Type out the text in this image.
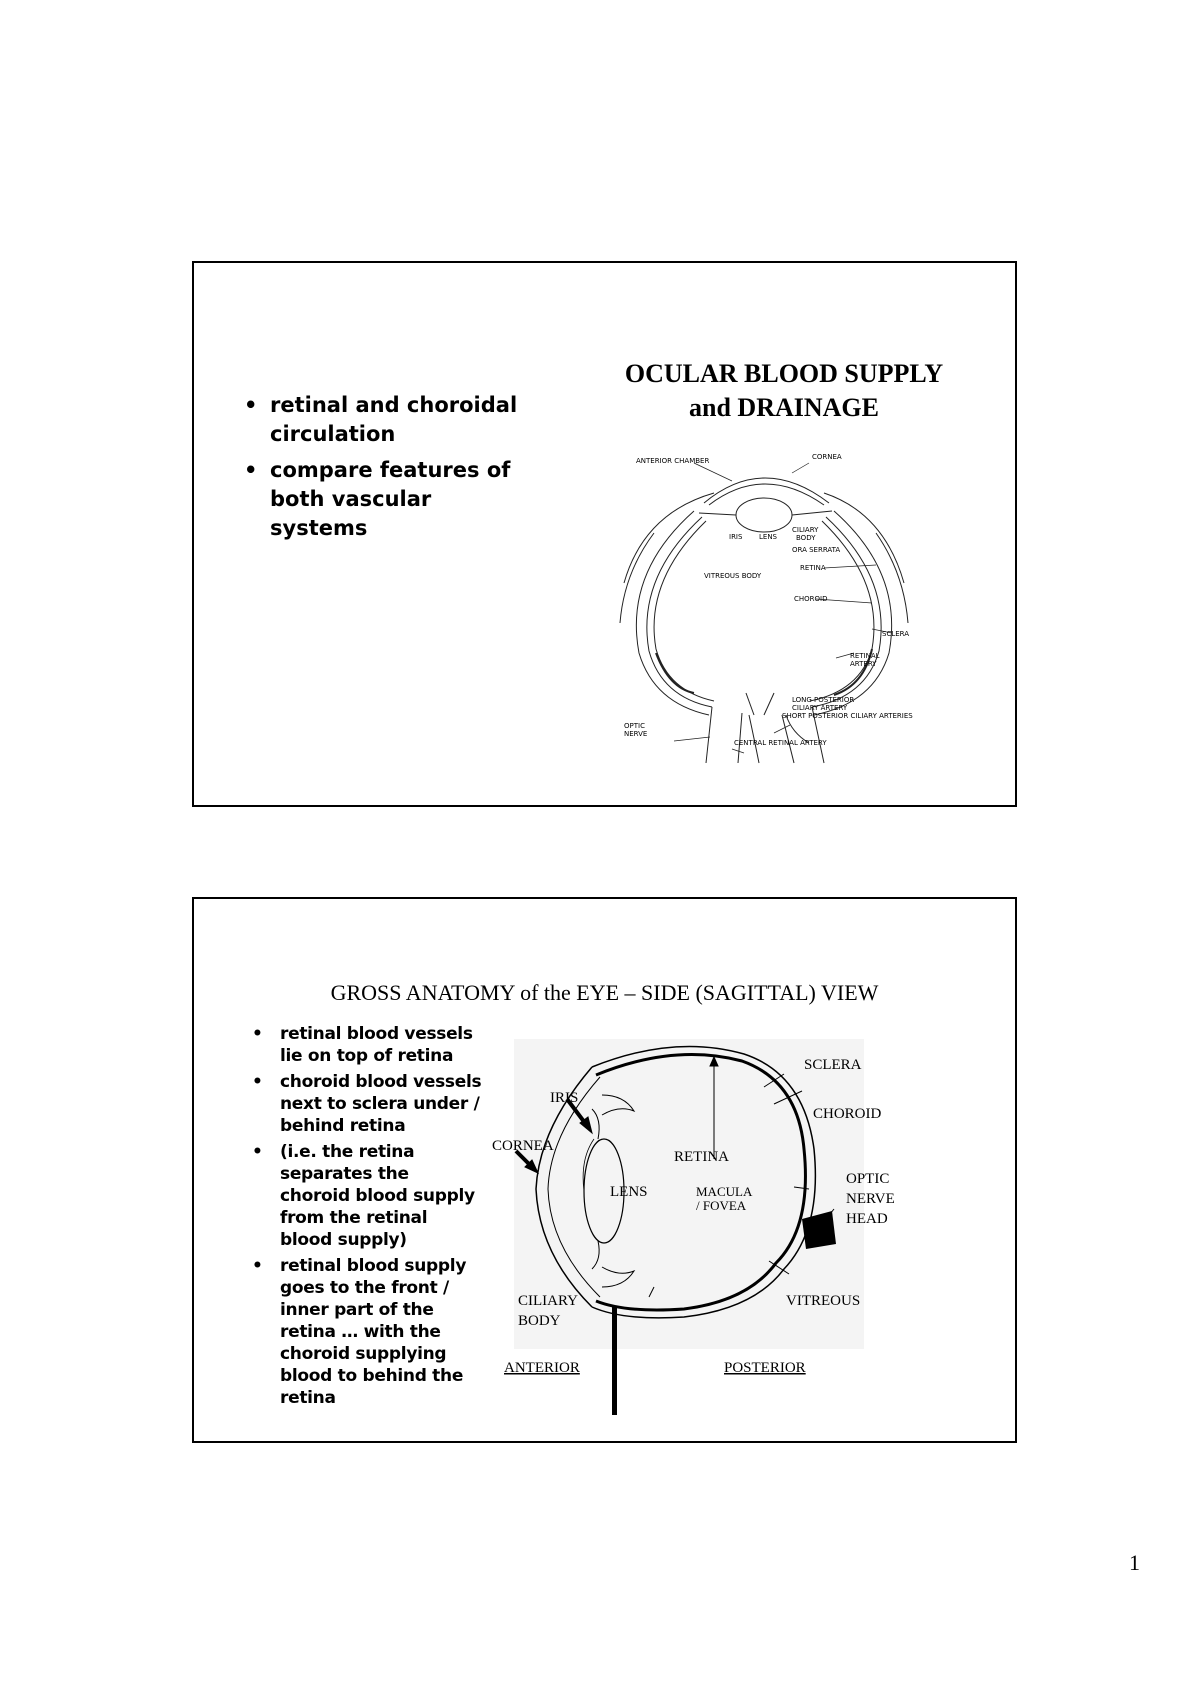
• retinal and choroidal circulation
• compare features of both vascular systems
OCULAR BLOOD SUPPLY
and DRAINAGE
ANTERIOR CHAMBER	CORNEA
IRIS LENS
CILIARY
BODY
ORA SERRATA
RETINA
VITREOUS BODY
CHOROID
SCLERA
RETINAL
ARTERY
LONG POSTERIOR
CILIARY ARTERY
SHORT POSTERIOR CILIARY ARTERIES
OPTIC
NERVE
CENTRAL RETINAL ARTERY
GROSS ANATOMY of the EYE – SIDE (SAGITTAL) VIEW
• retinal blood vessels lie on top of retina
• choroid blood vessels next to sclera under / behind retina
• (i.e. the retina separates the choroid blood supply from the retinal blood supply)
• retinal blood supply goes to the front / inner part of the retina … with the choroid supplying blood to behind the retina
SCLERA
IRIS
CHOROID
CORNEA
RETINA
OPTIC
NERVE
HEAD
LENS	MACULA
/ FOVEA
CILIARY
BODY
VITREOUS
ANTERIOR	POSTERIOR
1
